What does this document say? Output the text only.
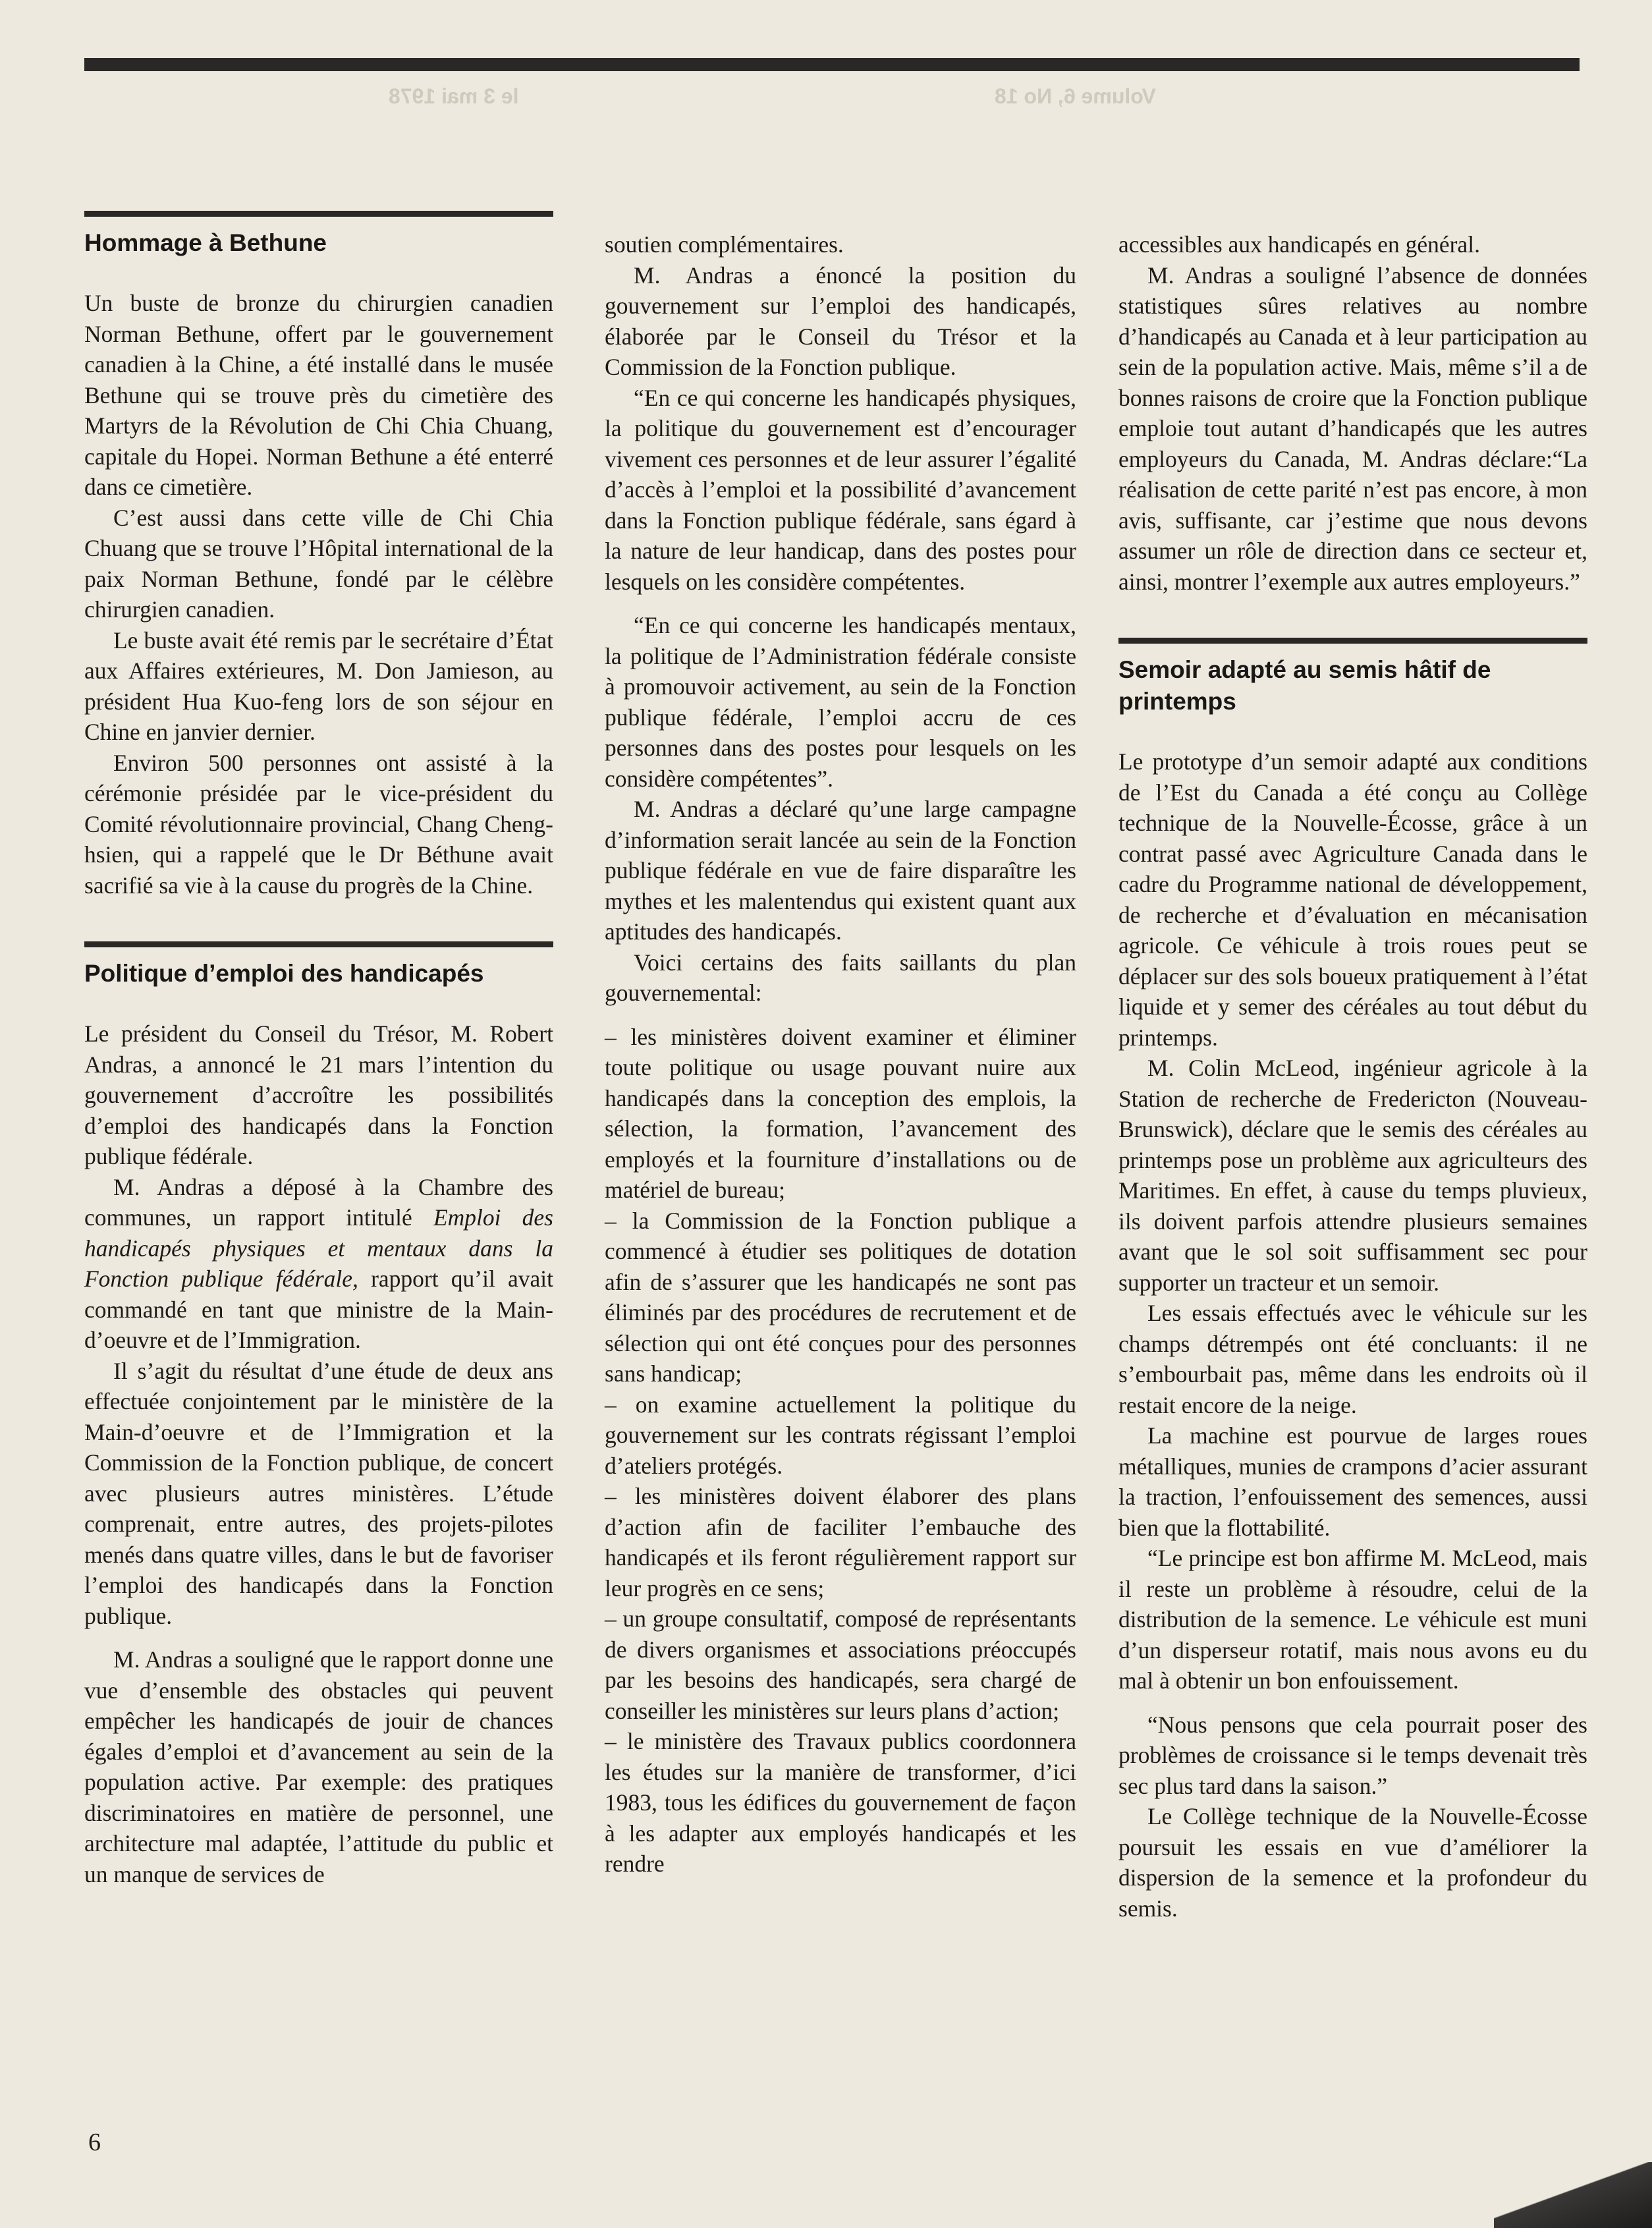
Volume 6, No 18
le 3 mai 1978
Hommage à Bethune

Un buste de bronze du chirurgien canadien Norman Bethune, offert par le gouvernement canadien à la Chine, a été installé dans le musée Bethune qui se trouve près du cimetière des Martyrs de la Révolution de Chi Chia Chuang, capitale du Hopei. Norman Bethune a été enterré dans ce cimetière.

C’est aussi dans cette ville de Chi Chia Chuang que se trouve l’Hôpital international de la paix Norman Bethune, fondé par le célèbre chirurgien canadien.

Le buste avait été remis par le secrétaire d’État aux Affaires extérieures, M. Don Jamieson, au président Hua Kuo-feng lors de son séjour en Chine en janvier dernier.

Environ 500 personnes ont assisté à la cérémonie présidée par le vice-président du Comité révolutionnaire provincial, Chang Cheng-hsien, qui a rappelé que le Dr Béthune avait sacrifié sa vie à la cause du progrès de la Chine.

Politique d’emploi des handicapés

Le président du Conseil du Trésor, M. Robert Andras, a annoncé le 21 mars l’intention du gouvernement d’accroître les possibilités d’emploi des handicapés dans la Fonction publique fédérale.

M. Andras a déposé à la Chambre des communes, un rapport intitulé Emploi des handicapés physiques et mentaux dans la Fonction publique fédérale, rapport qu’il avait commandé en tant que ministre de la Main-d’oeuvre et de l’Immigration.

Il s’agit du résultat d’une étude de deux ans effectuée conjointement par le ministère de la Main-d’oeuvre et de l’Immigration et la Commission de la Fonction publique, de concert avec plusieurs autres ministères. L’étude comprenait, entre autres, des projets-pilotes menés dans quatre villes, dans le but de favoriser l’emploi des handicapés dans la Fonction publique.

M. Andras a souligné que le rapport donne une vue d’ensemble des obstacles qui peuvent empêcher les handicapés de jouir de chances égales d’emploi et d’avancement au sein de la population active. Par exemple: des pratiques discriminatoires en matière de personnel, une architecture mal adaptée, l’attitude du public et un manque de services de

soutien complémentaires.

M. Andras a énoncé la position du gouvernement sur l’emploi des handicapés, élaborée par le Conseil du Trésor et la Commission de la Fonction publique.

“En ce qui concerne les handicapés physiques, la politique du gouvernement est d’encourager vivement ces personnes et de leur assurer l’égalité d’accès à l’emploi et la possibilité d’avancement dans la Fonction publique fédérale, sans égard à la nature de leur handicap, dans des postes pour lesquels on les considère compétentes.

“En ce qui concerne les handicapés mentaux, la politique de l’Administration fédérale consiste à promouvoir activement, au sein de la Fonction publique fédérale, l’emploi accru de ces personnes dans des postes pour lesquels on les considère compétentes”.

M. Andras a déclaré qu’une large campagne d’information serait lancée au sein de la Fonction publique fédérale en vue de faire disparaître les mythes et les malentendus qui existent quant aux aptitudes des handicapés.

Voici certains des faits saillants du plan gouvernemental:

– les ministères doivent examiner et éliminer toute politique ou usage pouvant nuire aux handicapés dans la conception des emplois, la sélection, la formation, l’avancement des employés et la fourniture d’installations ou de matériel de bureau;

– la Commission de la Fonction publique a commencé à étudier ses politiques de dotation afin de s’assurer que les handicapés ne sont pas éliminés par des procédures de recrutement et de sélection qui ont été conçues pour des personnes sans handicap;

– on examine actuellement la politique du gouvernement sur les contrats régissant l’emploi d’ateliers protégés.

– les ministères doivent élaborer des plans d’action afin de faciliter l’embauche des handicapés et ils feront régulièrement rapport sur leur progrès en ce sens;

– un groupe consultatif, composé de représentants de divers organismes et associations préoccupés par les besoins des handicapés, sera chargé de conseiller les ministères sur leurs plans d’action;

– le ministère des Travaux publics coordonnera les études sur la manière de transformer, d’ici 1983, tous les édifices du gouvernement de façon à les adapter aux employés handicapés et les rendre

accessibles aux handicapés en général.

M. Andras a souligné l’absence de données statistiques sûres relatives au nombre d’handicapés au Canada et à leur participation au sein de la population active. Mais, même s’il a de bonnes raisons de croire que la Fonction publique emploie tout autant d’handicapés que les autres employeurs du Canada, M. Andras déclare:“La réalisation de cette parité n’est pas encore, à mon avis, suffisante, car j’estime que nous devons assumer un rôle de direction dans ce secteur et, ainsi, montrer l’exemple aux autres employeurs.”

Semoir adapté au semis hâtif de printemps

Le prototype d’un semoir adapté aux conditions de l’Est du Canada a été conçu au Collège technique de la Nouvelle-Écosse, grâce à un contrat passé avec Agriculture Canada dans le cadre du Programme national de développement, de recherche et d’évaluation en mécanisation agricole. Ce véhicule à trois roues peut se déplacer sur des sols boueux pratiquement à l’état liquide et y semer des céréales au tout début du printemps.

M. Colin McLeod, ingénieur agricole à la Station de recherche de Fredericton (Nouveau-Brunswick), déclare que le semis des céréales au printemps pose un problème aux agriculteurs des Maritimes. En effet, à cause du temps pluvieux, ils doivent parfois attendre plusieurs semaines avant que le sol soit suffisamment sec pour supporter un tracteur et un semoir.

Les essais effectués avec le véhicule sur les champs détrempés ont été concluants: il ne s’embourbait pas, même dans les endroits où il restait encore de la neige.

La machine est pourvue de larges roues métalliques, munies de crampons d’acier assurant la traction, l’enfouissement des semences, aussi bien que la flottabilité.

“Le principe est bon affirme M. McLeod, mais il reste un problème à résoudre, celui de la distribution de la semence. Le véhicule est muni d’un disperseur rotatif, mais nous avons eu du mal à obtenir un bon enfouissement.

“Nous pensons que cela pourrait poser des problèmes de croissance si le temps devenait très sec plus tard dans la saison.”

Le Collège technique de la Nouvelle-Écosse poursuit les essais en vue d’améliorer la dispersion de la semence et la profondeur du semis.

6
